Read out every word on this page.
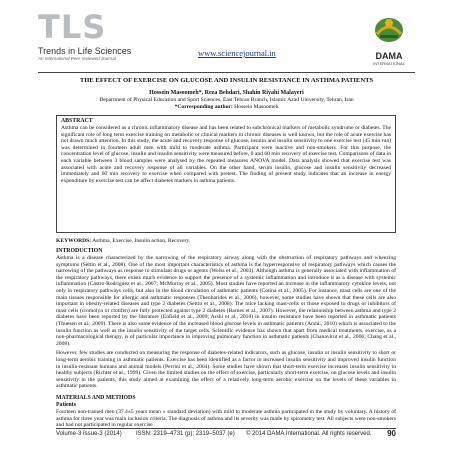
TLS
Trends in Life Sciences
An International Peer-reviewed Journal
www.sciencejournal.in	DAMA
INTERNATIONAL
THE EFFECT OF EXERCISE ON GLUCOSE AND INSULIN RESISTANCE IN ASTHMA PATIENTS
Hossein Masoomeh*, Reza Behdari, Shahin Riyahi Malayeri
Department of Physical Education and Sport Sciences, East Tehran Branch, Islamic Azad University, Tehran, Iran
*Corresponding author: Hossein Masoomeh
ABSTRACT

Asthma can be considered as a chronic inflammatory disease and has been related to subchronical markers of metabolic syndrome or diabetes. The significant role of long term exercise training on metabolic or clinical markers in chronic diseases is well known, but the role of acute exercise has not drawn much attention. In this study, the acute and recovery response of glucose, insulin and insulin sensitivity to one exercise test (45 min run) was determined in fourteen adult men with mild to moderate asthma. Participant were inactive and non-smokers. For this purpose, the concentration level of glucose, insulin and insulin sensitivity were measured before, 0 and 60 min recovery of exercise test. Comparisons of data in each variable between 3 blood samples were analysed by the repeated measures ANOVA model. Data analysis showed that exercise test was associated with acute and recovery response of all variables. On the other hand, serum insulin, glucose and insulin sensitivity decreased immediately and 60 min recovery to exercise when compared with pretest. The finding of present study indicates that an increase in energy expenditure by exercise test can be affect diabetes markers in asthma patients.

KEYWORDS: Asthma, Exercise, Insulin action, Recovery.

INTRODUCTION

Asthma is a disease characterized by the narrowing of the respiratory airway along with the obstruction of respiratory pathways and wheezing symptoms (Settin et al., 2008). One of the most important characteristics of asthma is the hyperresponsive of respiratory pathways which causes the narrowing of the pathways as response to stimulant drugs or agents (Weiss et al., 2003). Although asthma is generally associated with inflammation of the respiratory pathways, there exists much evidence to support the presence of a systemic inflammation and introduce it as a disease with systemic inflammation (Castro-Rodriguez et al., 2007; McMurray et al., 2005). Most studies have reported an increase in the inflammatory cytokine levels, not only in respiratory pathways cells, but also in the blood circulation of asthmatic patients (Cotina et al., 2005). For instance, mast cells are one of the main tissues responsible for allergic and asthmatic responses (Theoharides et al., 2006), however, some studies have shown that these cells are also important in obesity-related diseases and type 2 diabetes (Settin et al., 2008). The mice lacking mast-cells or those exposed to drugs or inhibitors of mast cells (cromolyn or ctotifen) are fully protected against type 2 diabetes (Barnes et al., 2007). However, the relationship between asthma and type 2 diabetes have been reported by the literature (Enfield et al., 2009; Arshi et al., 2010) in insulin resistance have been reported in asthmatic patients (Thuesen et al., 2009). There is also some evidence of the increased blood glucose levels in asthmatic patients (Arshi., 2010) which is associated to the insulin function as well as the insulin sensitivity of the target cells. Scientific evidence has shown that apart from medical treatments, exercise, as a non-pharmacological therapy, is of particular importance in improving pulmonary function in asthmatic patients (Chanavirut et al., 2006; Chang et al., 2008).

However, few studies are conducted on measuring the response of diabetes-related indicators, such as glucose, insulin or insulin sensitivity to short or long-term aerobic training in asthmatic patients. Exercise has been identified as a factor in increased insulin sensitivity and improved insulin function in insulin-resistant humans and animal models (Perrini et al., 2004). Some studies have shown that short-term exercise increases insulin sensitivity in healthy subjects (Richter et al., 1999). Given the limited studies on the effect of exercise, particularly short-term exercise, on glucose levels and insulin sensitivity in the patients, this study aimed at examining the effect of a relatively long-term aerobic exercise on the levels of these variables in asthmatic patients.

MATERIALS AND METHODS

Patients

Fourteen non-trained men (37.4±5 years mean ± standard deviation) with mild to moderate asthma participated in the study by voluntary. A history of asthma for three year was main inclusion criteria. The diagnosis of asthma and its severity was made by spirometry test. All subjects were non-smokers and had not participated in regular exercise

Volume-3 Issue-3 (2014) ISSN: 2319–4731 (p); 2319–5037 (e) © 2014 DAMA International. All rights reserved. 90
